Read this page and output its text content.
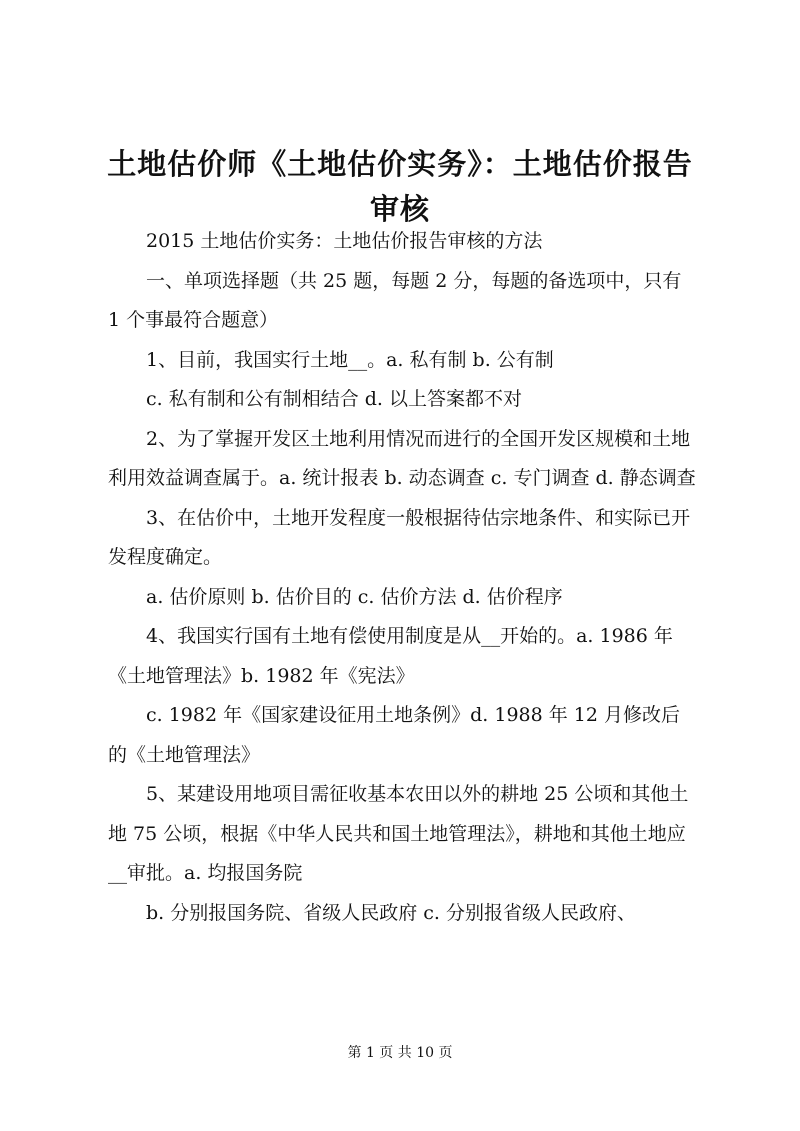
土地估价师《土地估价实务》：土地估价报告审核

2015 土地估价实务：土地估价报告审核的方法

一、单项选择题（共 25 题，每题 2 分，每题的备选项中，只有 1 个事最符合题意）

1、目前，我国实行土地__。a. 私有制 b. 公有制

c. 私有制和公有制相结合 d. 以上答案都不对

2、为了掌握开发区土地利用情况而进行的全国开发区规模和土地利用效益调查属于。a. 统计报表 b. 动态调查 c. 专门调查 d. 静态调查

3、在估价中，土地开发程度一般根据待估宗地条件、和实际已开发程度确定。

a. 估价原则 b. 估价目的 c. 估价方法 d. 估价程序

4、我国实行国有土地有偿使用制度是从__开始的。a. 1986 年《土地管理法》b. 1982 年《宪法》

c. 1982 年《国家建设征用土地条例》d. 1988 年 12 月修改后的《土地管理法》

5、某建设用地项目需征收基本农田以外的耕地 25 公顷和其他土地 75 公顷，根据《中华人民共和国土地管理法》，耕地和其他土地应__审批。a. 均报国务院

b. 分别报国务院、省级人民政府 c. 分别报省级人民政府、

第 1 页 共 10 页
